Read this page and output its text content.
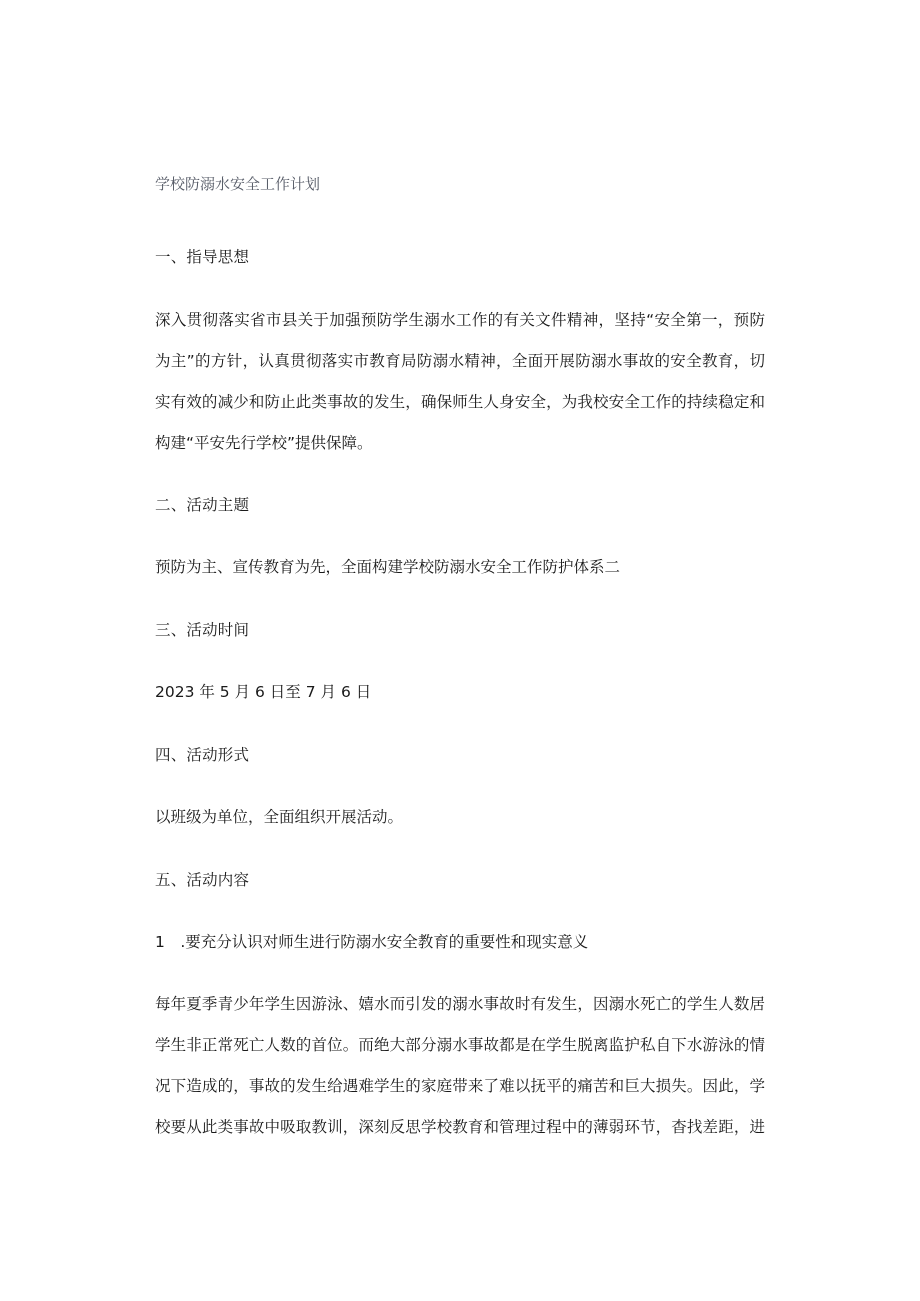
学校防溺水安全工作计划
一、指导思想
深入贯彻落实省市县关于加强预防学生溺水工作的有关文件精神，坚持“安全第一，预防
为主”的方针，认真贯彻落实市教育局防溺水精神，全面开展防溺水事故的安全教育，切
实有效的减少和防止此类事故的发生，确保师生人身安全，为我校安全工作的持续稳定和
构建“平安先行学校”提供保障。
二、活动主题
预防为主、宣传教育为先，全面构建学校防溺水安全工作防护体系二
三、活动时间
2023 年 5 月 6 日至 7 月 6 日
四、活动形式
以班级为单位，全面组织开展活动。
五、活动内容
1　.要充分认识对师生进行防溺水安全教育的重要性和现实意义
每年夏季青少年学生因游泳、嬉水而引发的溺水事故时有发生，因溺水死亡的学生人数居
学生非正常死亡人数的首位。而绝大部分溺水事故都是在学生脱离监护私自下水游泳的情
况下造成的，事故的发生给遇难学生的家庭带来了难以抚平的痛苦和巨大损失。因此，学
校要从此类事故中吸取教训，深刻反思学校教育和管理过程中的薄弱环节，杳找差距，进
